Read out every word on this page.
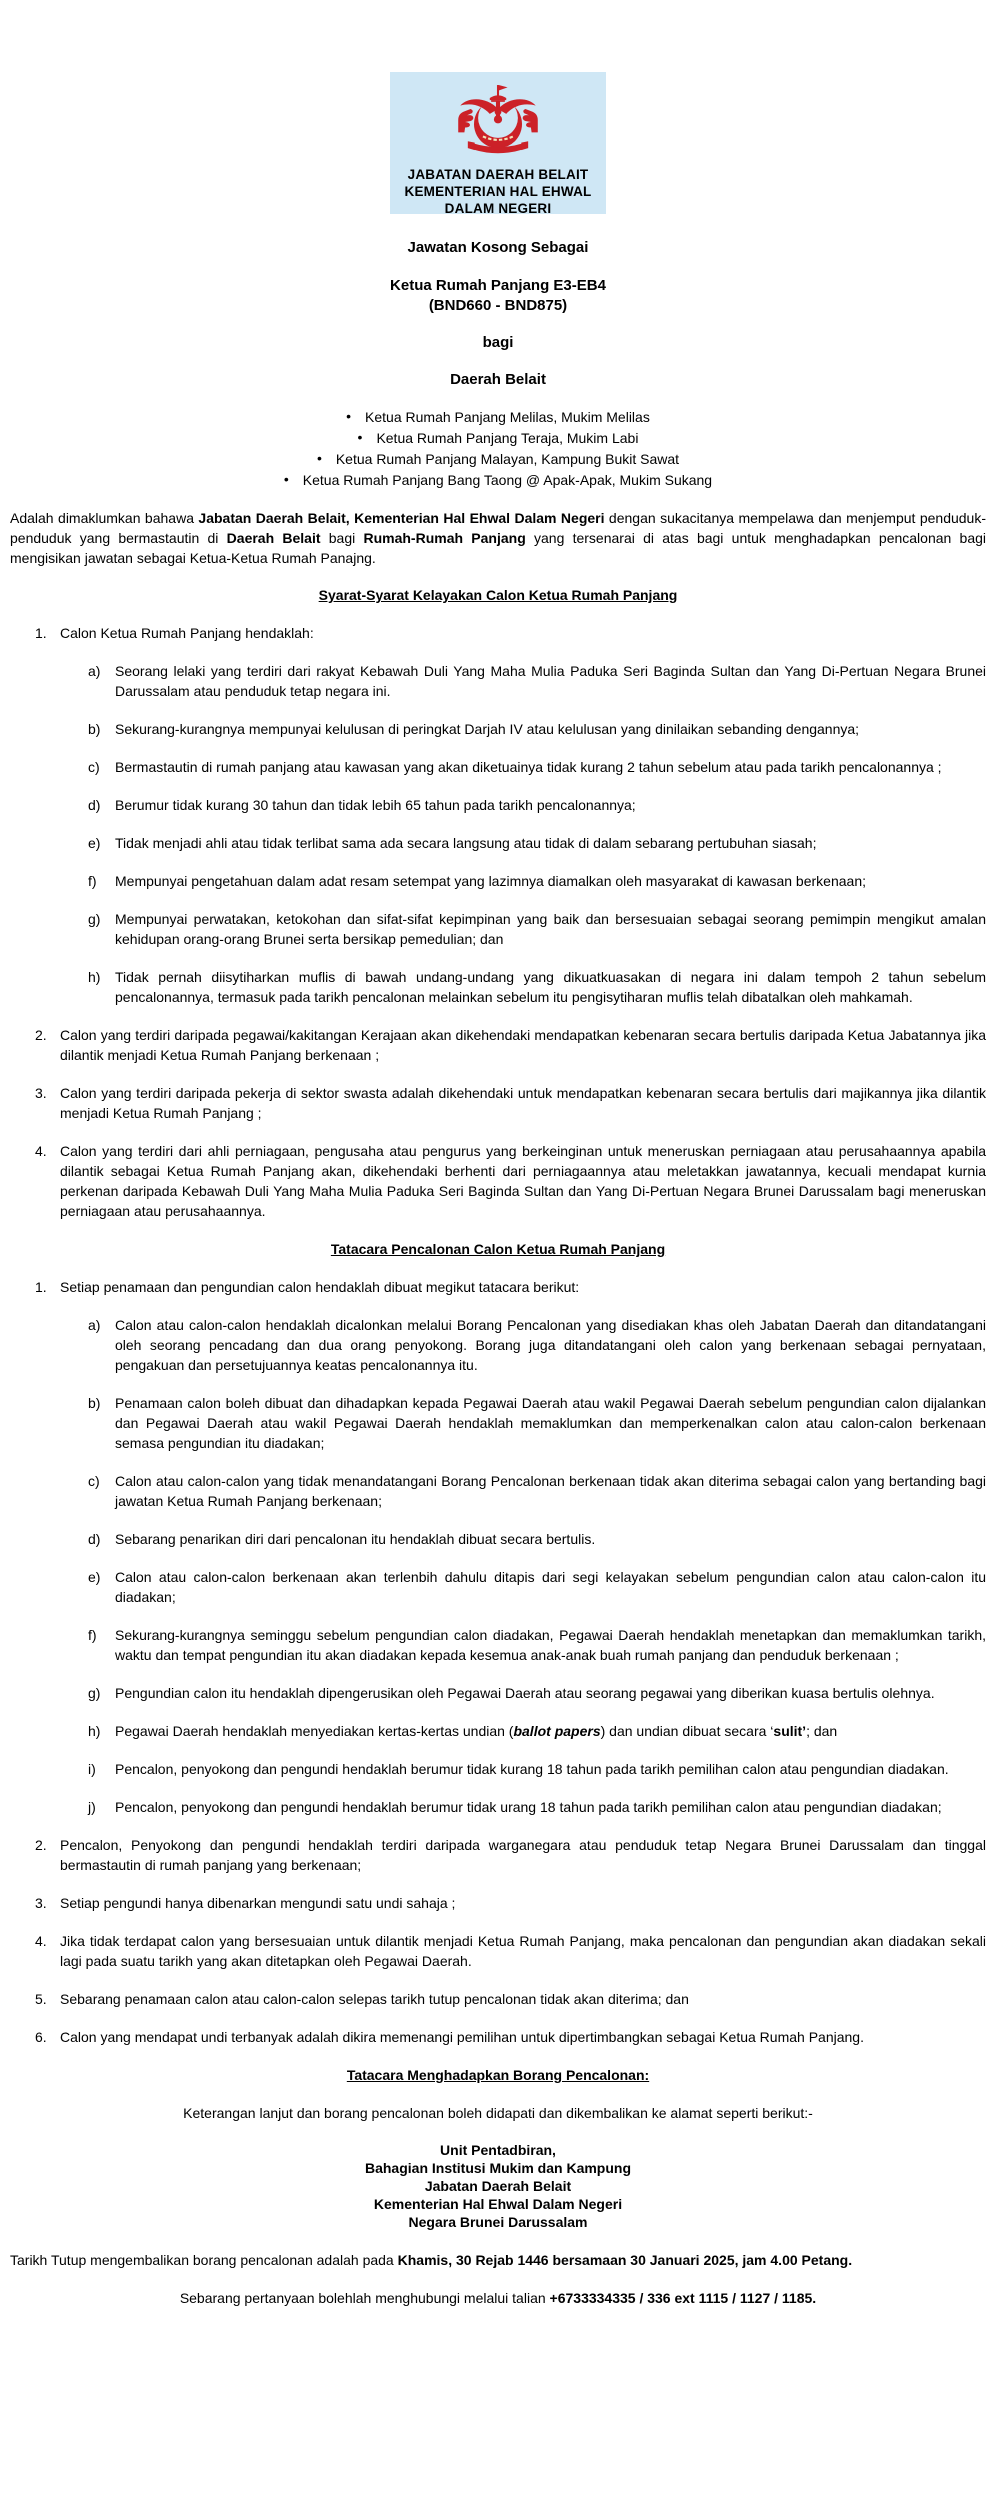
JABATAN DAERAH BELAIT
KEMENTERIAN HAL EHWAL
DALAM NEGERI
Jawatan Kosong Sebagai
Ketua Rumah Panjang E3-EB4
(BND660 - BND875)
bagi
Daerah Belait
• Ketua Rumah Panjang Melilas, Mukim Melilas
• Ketua Rumah Panjang Teraja, Mukim Labi
• Ketua Rumah Panjang Malayan, Kampung Bukit Sawat
• Ketua Rumah Panjang Bang Taong @ Apak-Apak, Mukim Sukang
Adalah dimaklumkan bahawa Jabatan Daerah Belait, Kementerian Hal Ehwal Dalam Negeri dengan sukacitanya mempelawa dan menjemput penduduk-penduduk yang bermastautin di Daerah Belait bagi Rumah-Rumah Panjang yang tersenarai di atas bagi untuk menghadapkan pencalonan bagi mengisikan jawatan sebagai Ketua-Ketua Rumah Panajng.
Syarat-Syarat Kelayakan Calon Ketua Rumah Panjang
1. Calon Ketua Rumah Panjang hendaklah:
a) Seorang lelaki yang terdiri dari rakyat Kebawah Duli Yang Maha Mulia Paduka Seri Baginda Sultan dan Yang Di-Pertuan Negara Brunei Darussalam atau penduduk tetap negara ini.
b) Sekurang-kurangnya mempunyai kelulusan di peringkat Darjah IV atau kelulusan yang dinilaikan sebanding dengannya;
c) Bermastautin di rumah panjang atau kawasan yang akan diketuainya tidak kurang 2 tahun sebelum atau pada tarikh pencalonannya ;
d) Berumur tidak kurang 30 tahun dan tidak lebih 65 tahun pada tarikh pencalonannya;
e) Tidak menjadi ahli atau tidak terlibat sama ada secara langsung atau tidak di dalam sebarang pertubuhan siasah;
f) Mempunyai pengetahuan dalam adat resam setempat yang lazimnya diamalkan oleh masyarakat di kawasan berkenaan;
g) Mempunyai perwatakan, ketokohan dan sifat-sifat kepimpinan yang baik dan bersesuaian sebagai seorang pemimpin mengikut amalan kehidupan orang-orang Brunei serta bersikap pemedulian; dan
h) Tidak pernah diisytiharkan muflis di bawah undang-undang yang dikuatkuasakan di negara ini dalam tempoh 2 tahun sebelum pencalonannya, termasuk pada tarikh pencalonan melainkan sebelum itu pengisytiharan muflis telah dibatalkan oleh mahkamah.
2. Calon yang terdiri daripada pegawai/kakitangan Kerajaan akan dikehendaki mendapatkan kebenaran secara bertulis daripada Ketua Jabatannya jika dilantik menjadi Ketua Rumah Panjang berkenaan ;
3. Calon yang terdiri daripada pekerja di sektor swasta adalah dikehendaki untuk mendapatkan kebenaran secara bertulis dari majikannya jika dilantik menjadi Ketua Rumah Panjang ;
4. Calon yang terdiri dari ahli perniagaan, pengusaha atau pengurus yang berkeinginan untuk meneruskan perniagaan atau perusahaannya apabila dilantik sebagai Ketua Rumah Panjang akan, dikehendaki berhenti dari perniagaannya atau meletakkan jawatannya, kecuali mendapat kurnia perkenan daripada Kebawah Duli Yang Maha Mulia Paduka Seri Baginda Sultan dan Yang Di-Pertuan Negara Brunei Darussalam bagi meneruskan perniagaan atau perusahaannya.
Tatacara Pencalonan Calon Ketua Rumah Panjang
1. Setiap penamaan dan pengundian calon hendaklah dibuat megikut tatacara berikut:
a) Calon atau calon-calon hendaklah dicalonkan melalui Borang Pencalonan yang disediakan khas oleh Jabatan Daerah dan ditandatangani oleh seorang pencadang dan dua orang penyokong. Borang juga ditandatangani oleh calon yang berkenaan sebagai pernyataan, pengakuan dan persetujuannya keatas pencalonannya itu.
b) Penamaan calon boleh dibuat dan dihadapkan kepada Pegawai Daerah atau wakil Pegawai Daerah sebelum pengundian calon dijalankan dan Pegawai Daerah atau wakil Pegawai Daerah hendaklah memaklumkan dan memperkenalkan calon atau calon-calon berkenaan semasa pengundian itu diadakan;
c) Calon atau calon-calon yang tidak menandatangani Borang Pencalonan berkenaan tidak akan diterima sebagai calon yang bertanding bagi jawatan Ketua Rumah Panjang berkenaan;
d) Sebarang penarikan diri dari pencalonan itu hendaklah dibuat secara bertulis.
e) Calon atau calon-calon berkenaan akan terlenbih dahulu ditapis dari segi kelayakan sebelum pengundian calon atau calon-calon itu diadakan;
f) Sekurang-kurangnya seminggu sebelum pengundian calon diadakan, Pegawai Daerah hendaklah menetapkan dan memaklumkan tarikh, waktu dan tempat pengundian itu akan diadakan kepada kesemua anak-anak buah rumah panjang dan penduduk berkenaan ;
g) Pengundian calon itu hendaklah dipengerusikan oleh Pegawai Daerah atau seorang pegawai yang diberikan kuasa bertulis olehnya.
h) Pegawai Daerah hendaklah menyediakan kertas-kertas undian (ballot papers) dan undian dibuat secara ‘sulit’; dan
i) Pencalon, penyokong dan pengundi hendaklah berumur tidak kurang 18 tahun pada tarikh pemilihan calon atau pengundian diadakan.
j) Pencalon, penyokong dan pengundi hendaklah berumur tidak urang 18 tahun pada tarikh pemilihan calon atau pengundian diadakan;
2. Pencalon, Penyokong dan pengundi hendaklah terdiri daripada warganegara atau penduduk tetap Negara Brunei Darussalam dan tinggal bermastautin di rumah panjang yang berkenaan;
3. Setiap pengundi hanya dibenarkan mengundi satu undi sahaja ;
4. Jika tidak terdapat calon yang bersesuaian untuk dilantik menjadi Ketua Rumah Panjang, maka pencalonan dan pengundian akan diadakan sekali lagi pada suatu tarikh yang akan ditetapkan oleh Pegawai Daerah.
5. Sebarang penamaan calon atau calon-calon selepas tarikh tutup pencalonan tidak akan diterima; dan
6. Calon yang mendapat undi terbanyak adalah dikira memenangi pemilihan untuk dipertimbangkan sebagai Ketua Rumah Panjang.
Tatacara Menghadapkan Borang Pencalonan:
Keterangan lanjut dan borang pencalonan boleh didapati dan dikembalikan ke alamat seperti berikut:-
Unit Pentadbiran,
Bahagian Institusi Mukim dan Kampung
Jabatan Daerah Belait
Kementerian Hal Ehwal Dalam Negeri
Negara Brunei Darussalam
Tarikh Tutup mengembalikan borang pencalonan adalah pada Khamis, 30 Rejab 1446 bersamaan 30 Januari 2025, jam 4.00 Petang.
Sebarang pertanyaan bolehlah menghubungi melalui talian +6733334335 / 336 ext 1115 / 1127 / 1185.
